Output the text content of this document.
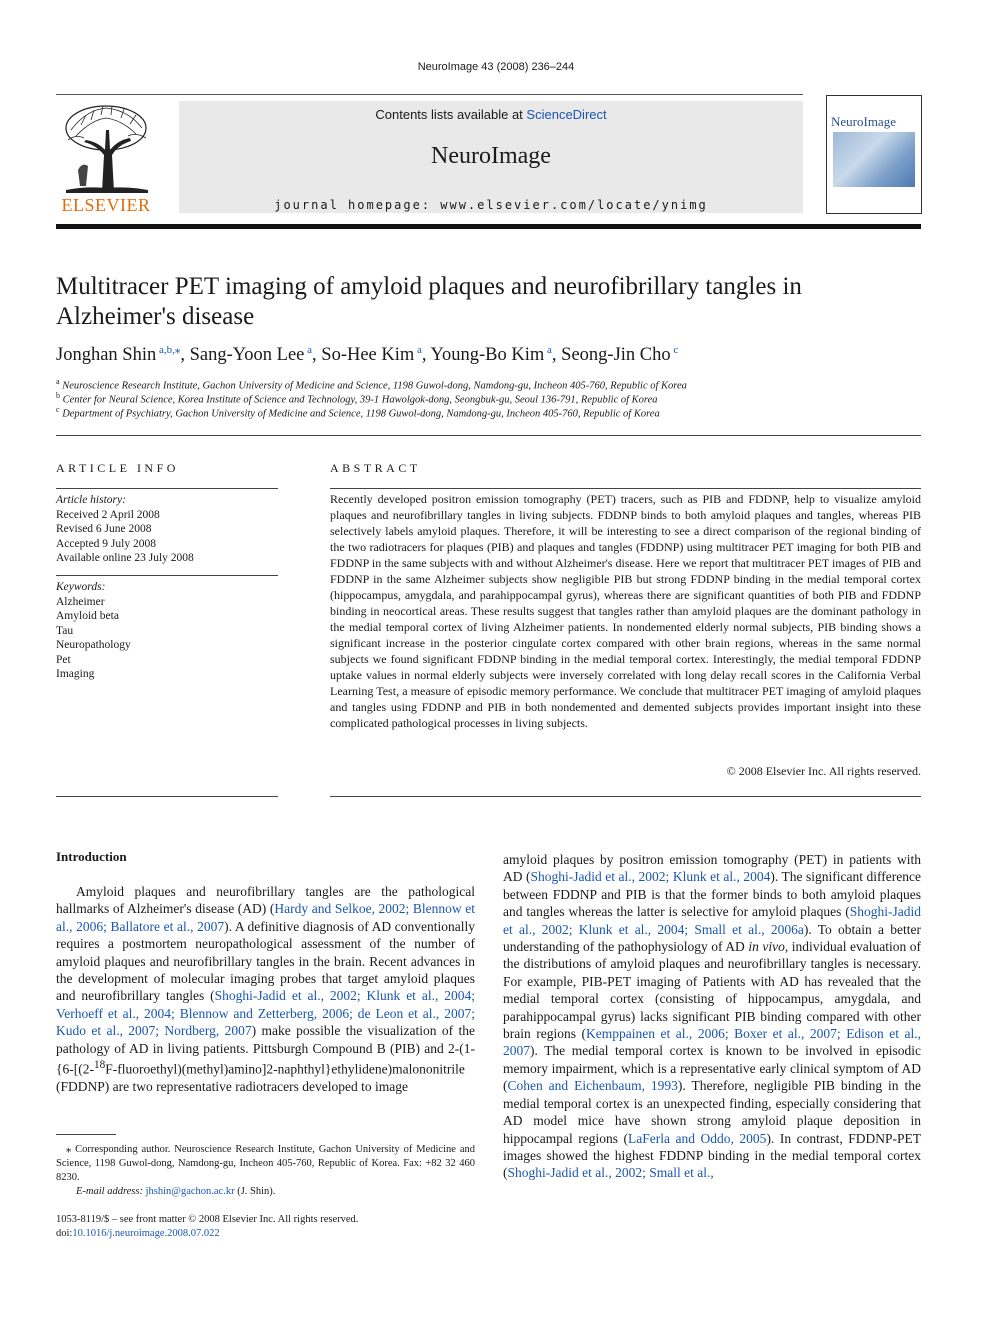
NeuroImage 43 (2008) 236–244
ELSEVIER
Contents lists available at ScienceDirect
NeuroImage
journal homepage: www.elsevier.com/locate/ynimg
NeuroImage
Multitracer PET imaging of amyloid plaques and neurofibrillary tangles in Alzheimer's disease
Jonghan Shin $^{a,b,⁎}$, Sang-Yoon Lee $^a$, So-Hee Kim $^a$, Young-Bo Kim $^a$, Seong-Jin Cho $^c$
$^a$ Neuroscience Research Institute, Gachon University of Medicine and Science, 1198 Guwol-dong, Namdong-gu, Incheon 405-760, Republic of Korea
$^b$ Center for Neural Science, Korea Institute of Science and Technology, 39-1 Hawolgok-dong, Seongbuk-gu, Seoul 136-791, Republic of Korea
$^c$ Department of Psychiatry, Gachon University of Medicine and Science, 1198 Guwol-dong, Namdong-gu, Incheon 405-760, Republic of Korea
ARTICLE INFO
Article history:
Received 2 April 2008
Revised 6 June 2008
Accepted 9 July 2008
Available online 23 July 2008
Keywords:
Alzheimer
Amyloid beta
Tau
Neuropathology
Pet
Imaging
ABSTRACT
Recently developed positron emission tomography (PET) tracers, such as PIB and FDDNP, help to visualize amyloid plaques and neurofibrillary tangles in living subjects. FDDNP binds to both amyloid plaques and tangles, whereas PIB selectively labels amyloid plaques. Therefore, it will be interesting to see a direct comparison of the regional binding of the two radiotracers for plaques (PIB) and plaques and tangles (FDDNP) using multitracer PET imaging for both PIB and FDDNP in the same subjects with and without Alzheimer's disease. Here we report that multitracer PET images of PIB and FDDNP in the same Alzheimer subjects show negligible PIB but strong FDDNP binding in the medial temporal cortex (hippocampus, amygdala, and parahippocampal gyrus), whereas there are significant quantities of both PIB and FDDNP binding in neocortical areas. These results suggest that tangles rather than amyloid plaques are the dominant pathology in the medial temporal cortex of living Alzheimer patients. In nondemented elderly normal subjects, PIB binding shows a significant increase in the posterior cingulate cortex compared with other brain regions, whereas in the same normal subjects we found significant FDDNP binding in the medial temporal cortex. Interestingly, the medial temporal FDDNP uptake values in normal elderly subjects were inversely correlated with long delay recall scores in the California Verbal Learning Test, a measure of episodic memory performance. We conclude that multitracer PET imaging of amyloid plaques and tangles using FDDNP and PIB in both nondemented and demented subjects provides important insight into these complicated pathological processes in living subjects.
© 2008 Elsevier Inc. All rights reserved.
Introduction
Amyloid plaques and neurofibrillary tangles are the pathological hallmarks of Alzheimer's disease (AD) (Hardy and Selkoe, 2002; Blennow et al., 2006; Ballatore et al., 2007). A definitive diagnosis of AD conventionally requires a postmortem neuropathological assessment of the number of amyloid plaques and neurofibrillary tangles in the brain. Recent advances in the development of molecular imaging probes that target amyloid plaques and neurofibrillary tangles (Shoghi-Jadid et al., 2002; Klunk et al., 2004; Verhoeff et al., 2004; Blennow and Zetterberg, 2006; de Leon et al., 2007; Kudo et al., 2007; Nordberg, 2007) make possible the visualization of the pathology of AD in living patients. Pittsburgh Compound B (PIB) and 2-(1-{6-[(2-$^{18}$F-fluoroethyl)(methyl)amino]2-naphthyl}ethylidene)malononitrile (FDDNP) are two representative radiotracers developed to image
amyloid plaques by positron emission tomography (PET) in patients with AD (Shoghi-Jadid et al., 2002; Klunk et al., 2004). The significant difference between FDDNP and PIB is that the former binds to both amyloid plaques and tangles whereas the latter is selective for amyloid plaques (Shoghi-Jadid et al., 2002; Klunk et al., 2004; Small et al., 2006a). To obtain a better understanding of the pathophysiology of AD in vivo, individual evaluation of the distributions of amyloid plaques and neurofibrillary tangles is necessary. For example, PIB-PET imaging of Patients with AD has revealed that the medial temporal cortex (consisting of hippocampus, amygdala, and parahippocampal gyrus) lacks significant PIB binding compared with other brain regions (Kemppainen et al., 2006; Boxer et al., 2007; Edison et al., 2007). The medial temporal cortex is known to be involved in episodic memory impairment, which is a representative early clinical symptom of AD (Cohen and Eichenbaum, 1993). Therefore, negligible PIB binding in the medial temporal cortex is an unexpected finding, especially considering that AD model mice have shown strong amyloid plaque deposition in hippocampal regions (LaFerla and Oddo, 2005). In contrast, FDDNP-PET images showed the highest FDDNP binding in the medial temporal cortex (Shoghi-Jadid et al., 2002; Small et al.,
⁎ Corresponding author. Neuroscience Research Institute, Gachon University of Medicine and Science, 1198 Guwol-dong, Namdong-gu, Incheon 405-760, Republic of Korea. Fax: +82 32 460 8230.
E-mail address: jhshin@gachon.ac.kr (J. Shin).
1053-8119/$ – see front matter © 2008 Elsevier Inc. All rights reserved.
doi:10.1016/j.neuroimage.2008.07.022
